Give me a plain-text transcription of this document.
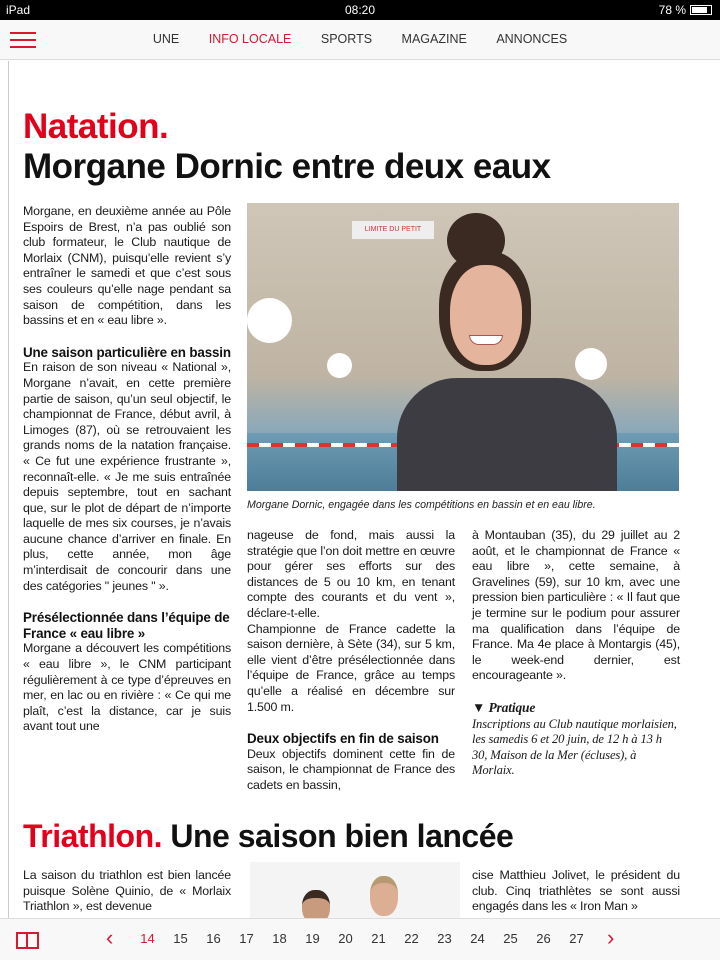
iPad	08:20	78 %
UNE INFO LOCALE SPORTS MAGAZINE ANNONCES
Natation.
Morgane Dornic entre deux eaux

Morgane, en deuxième année au Pôle Espoirs de Brest, n’a pas oublié son club formateur, le Club nautique de Morlaix (CNM), puisqu’elle revient s’y entraîner le samedi et que c’est sous ses couleurs qu’elle nage pendant sa saison de compétition, dans les bassins et en « eau libre ».

Une saison particulière en bassin

En raison de son niveau « National », Morgane n’avait, en cette première partie de saison, qu’un seul objectif, le championnat de France, début avril, à Limoges (87), où se retrouvaient les grands noms de la natation française. « Ce fut une expérience frustrante », reconnaît-elle. « Je me suis entraînée depuis septembre, tout en sachant que, sur le plot de départ de n’importe laquelle de mes six courses, je n’avais aucune chance d’arriver en finale. En plus, cette année, mon âge m’interdisait de concourir dans une des catégories " jeunes " ».

Présélectionnée dans l’équipe de France « eau libre »

Morgane a découvert les compétitions « eau libre », le CNM participant régulièrement à ce type d’épreuves en mer, en lac ou en rivière : « Ce qui me plaît, c’est la distance, car je suis avant tout une

LIMITE DU PETIT
Morgane Dornic, engagée dans les compétitions en bassin et en eau libre.

nageuse de fond, mais aussi la stratégie que l’on doit mettre en œuvre pour gérer ses efforts sur des distances de 5 ou 10 km, en tenant compte des courants et du vent », déclare-t-elle.

Championne de France cadette la saison dernière, à Sète (34), sur 5 km, elle vient d’être présélectionnée dans l’équipe de France, grâce au temps qu’elle a réalisé en décembre sur 1.500 m.

Deux objectifs en fin de saison

Deux objectifs dominent cette fin de saison, le championnat de France des cadets en bassin,

à Montauban (35), du 29 juillet au 2 août, et le championnat de France « eau libre », cette semaine, à Gravelines (59), sur 10 km, avec une pression bien particulière : « Il faut que je termine sur le podium pour assurer ma qualification dans l’équipe de France. Ma 4e place à Montargis (45), le week-end dernier, est encourageante ».

▼ Pratique
Inscriptions au Club nautique morlaisien, les samedis 6 et 20 juin, de 12 h à 13 h 30, Maison de la Mer (écluses), à Morlaix.
Triathlon. Une saison bien lancée

La saison du triathlon est bien lancée puisque Solène Quinio, de « Morlaix Triathlon », est devenue

cise Matthieu Jolivet, le président du club. Cinq triathlètes se sont aussi engagés dans les « Iron Man »

‹	14	15	16	17	18	19	20	21	22	23	24	25	26	27	›
